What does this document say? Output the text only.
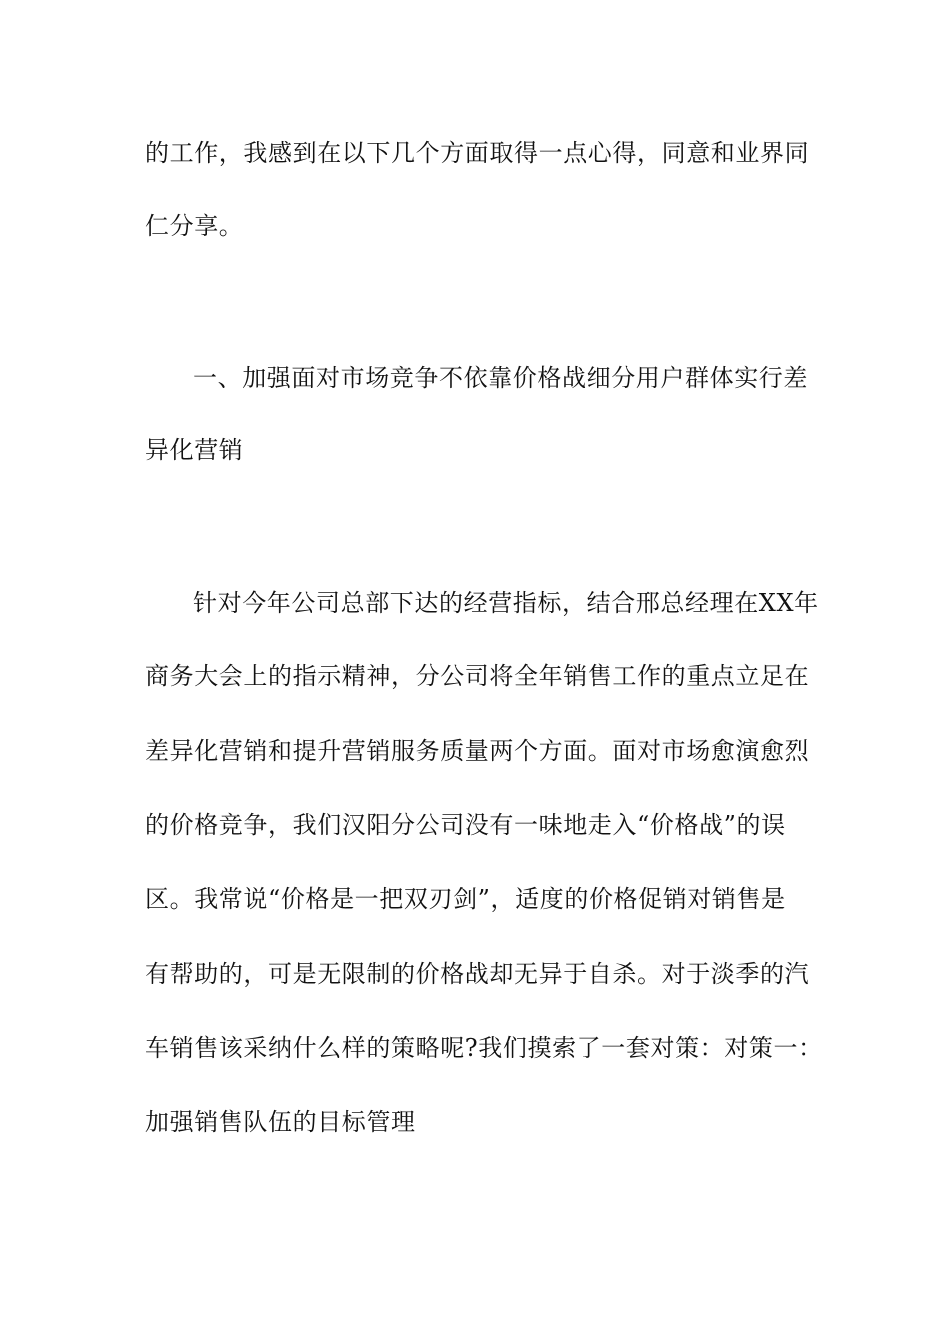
的工作，我感到在以下几个方面取得一点心得，同意和业界同
仁分享。
一、加强面对市场竞争不依靠价格战细分用户群体实行差
异化营销
针对今年公司总部下达的经营指标，结合邢总经理在XX年
商务大会上的指示精神，分公司将全年销售工作的重点立足在
差异化营销和提升营销服务质量两个方面。面对市场愈演愈烈
的价格竞争，我们汉阳分公司没有一味地走入“价格战”的误
区。我常说“价格是一把双刃剑”，适度的价格促销对销售是
有帮助的，可是无限制的价格战却无异于自杀。对于淡季的汽
车销售该采纳什么样的策略呢?我们摸索了一套对策：对策一：
加强销售队伍的目标管理
